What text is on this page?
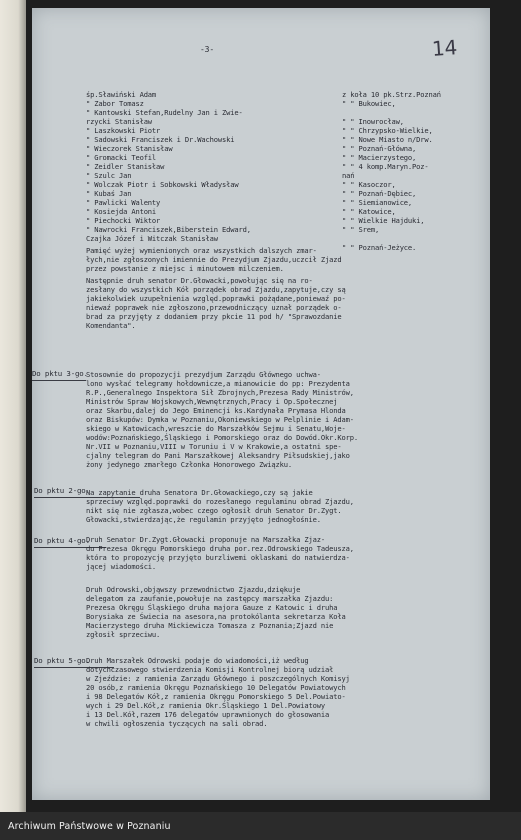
-3-	14
śp.Sławiński Adam
" Zabor Tomasz
" Kantowski Stefan,Rudelny Jan i Zwie-
rzycki Stanisław
" Laszkowski Piotr
" Sadowski Franciszek i Dr.Wachowski
" Wieczorek Stanisław
" Gromacki Teofil
" Zeidler Stanisław
" Szulc Jan
" Wolczak Piotr i Sobkowski Władysław
" Kubaś Jan
" Pawlicki Walenty
" Kosiejda Antoni
" Piechocki Wiktor
" Nawrocki Franciszek,Biberstein Edward,
Czajka Józef i Witczak Stanisław
z koła 10 pk.Strz.Poznań
" " Bukowiec,
" " Inowrocław,
" " Chrzypsko-Wielkie,
" " Nowe Miasto n/Drw.
" " Poznań-Główna,
" " Macierzystego,
" " 4 komp.Maryn.Poz-
nań
" " Kasoczor,
" " Poznań-Dębiec,
" " Siemianowice,
" " Katowice,
" " Wielkie Hajduki,
" " Srem,
" " Poznań-Jeżyce.
Pamięć wyżej wymienionych oraz wszystkich dalszych zmar-
łych,nie zgłoszonych imiennie do Prezydjum Zjazdu,uczcił Zjazd
przez powstanie z miejsc i minutowem milczeniem.
Następnie druh senator Dr.Głowacki,powołując się na ro-
zesłany do wszystkich Kół porządek obrad Zjazdu,zapytuje,czy są
jakiekolwiek uzupełnienia względ.poprawki pożądane,poniewaź po-
niewaź poprawek nie zgłoszono,przewodniczący uznał porządek o-
brad za przyjęty z dodaniem przy pkcie 11 pod h/ "Sprawozdanie
Komendanta".
Do pktu 3-go.
Stosownie do propozycji prezydjum Zarządu Głównego uchwa-
lono wysłać telegramy hołdownicze,a mianowicie do pp: Prezydenta
R.P.,Generalnego Inspektora Sił Zbrojnych,Prezesa Rady Ministrów,
Ministrów Spraw Wojskowych,Wewnętrznych,Pracy i Op.Społecznej
oraz Skarbu,dalej do Jego Eminencji ks.Kardynała Prymasa Hlonda
oraz Biskupów: Dymka w Poznaniu,Okoniewskiego w Pelplinie i Adam-
skiego w Katowicach,wreszcie do Marszałków Sejmu i Senatu,Woje-
wodów:Poznańskiego,Śląskiego i Pomorskiego oraz do Dowód.Okr.Korp.
Nr.VII w Poznaniu,VIII w Toruniu i V w Krakowie,a ostatni spe-
cjalny telegram do Pani Marszałkowej Aleksandry Piłsudskiej,jako
żony jedynego zmarłego Członka Honorowego Związku.
Do pktu 2-go.
Na zapytanie druha Senatora Dr.Głowackiego,czy są jakie
sprzeciwy względ.poprawki do rozesłanego regulaminu obrad Zjazdu,
nikt się nie zgłasza,wobec czego ogłosił druh Senator Dr.Zygt.
Głowacki,stwierdzając,że regulamin przyjęto jednogłośnie.
Do pktu 4-go.
Druh Senator Dr.Zygt.Głowacki proponuje na Marszałka Zjaz-
du Prezesa Okręgu Pomorskiego druha por.rez.Odrowskiego Tadeusza,
która to propozycję przyjęto burzliwemi oklaskami do natwierdza-
jącej wiadomości.
Druh Odrowski,objąwszy przewodnictwo Zjazdu,dziękuje
delegatom za zaufanie,powołuje na zastępcy marszałka Zjazdu:
Prezesa Okręgu Śląskiego druha majora Gauze z Katowic i druha
Borysiaka ze Świecia na asesora,na protokólanta sekretarza Koła
Macierzystego druha Mickiewicza Tomasza z Poznania;Zjazd nie
zgłosił sprzeciwu.
Do pktu 5-go.
Druh Marszałek Odrowski podaje do wiadomości,iż według
dotychczasowego stwierdzenia Komisji Kontrolnej biorą udział
w Zjeździe: z ramienia Zarządu Głównego i poszczególnych Komisyj
20 osób,z ramienia Okręgu Poznańskiego 10 Delegatów Powiatowych
i 98 Delegatów Kół,z ramienia Okręgu Pomorskiego 5 Del.Powiato-
wych i 29 Del.Kół,z ramienia Okr.Śląskiego 1 Del.Powiatowy
i 13 Del.Kół,razem 176 delegatów uprawnionych do głosowania
w chwili ogłoszenia tyczących na sali obrad.
Archiwum Państwowe w Poznaniu
